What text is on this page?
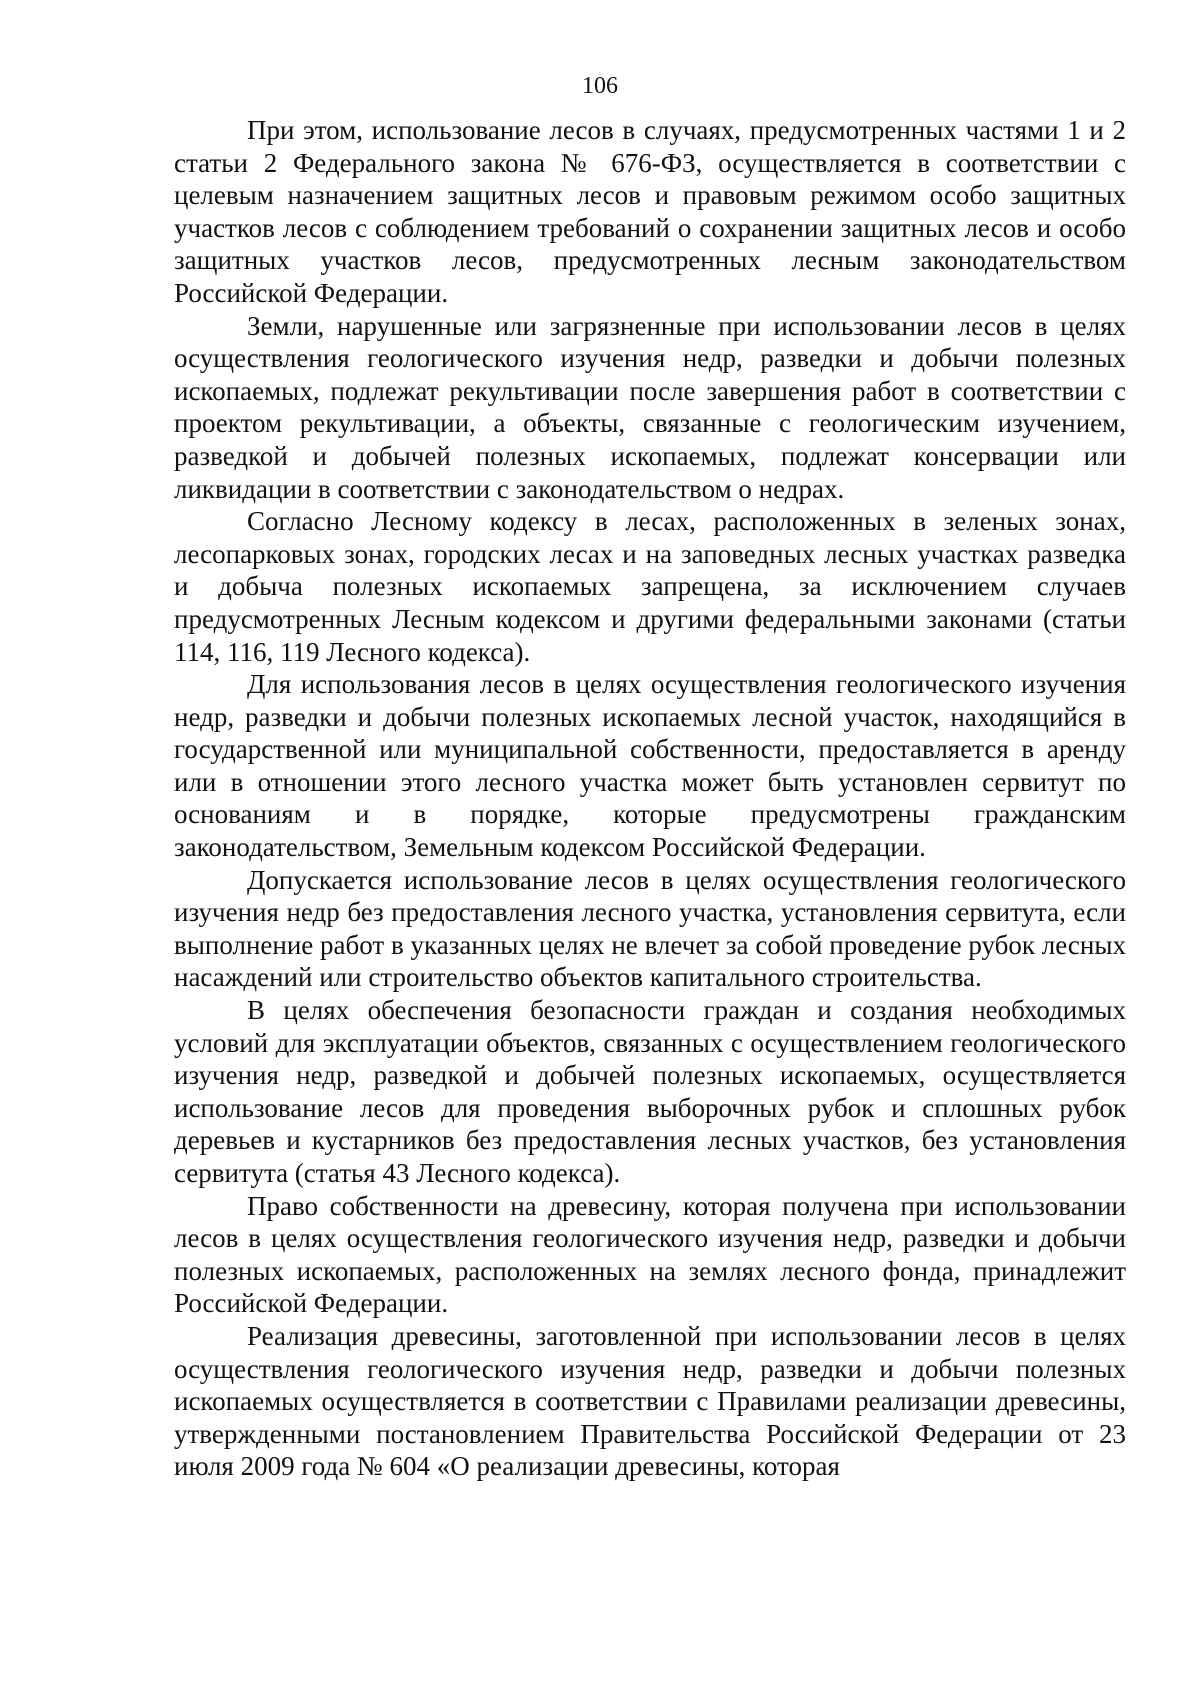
106

При этом, использование лесов в случаях, предусмотренных частями 1 и 2 статьи 2 Федерального закона № 676-ФЗ, осуществляется в соответствии с целевым назначением защитных лесов и правовым режимом особо защитных участков лесов с соблюдением требований о сохранении защитных лесов и особо защитных участков лесов, предусмотренных лесным законодательством Российской Федерации.

Земли, нарушенные или загрязненные при использовании лесов в целях осуществления геологического изучения недр, разведки и добычи полезных ископаемых, подлежат рекультивации после завершения работ в соответствии с проектом рекультивации, а объекты, связанные с геологическим изучением, разведкой и добычей полезных ископаемых, подлежат консервации или ликвидации в соответствии с законодательством о недрах.

Согласно Лесному кодексу в лесах, расположенных в зеленых зонах, лесопарковых зонах, городских лесах и на заповедных лесных участках разведка и добыча полезных ископаемых запрещена, за исключением случаев предусмотренных Лесным кодексом и другими федеральными законами (статьи 114, 116, 119 Лесного кодекса).

Для использования лесов в целях осуществления геологического изучения недр, разведки и добычи полезных ископаемых лесной участок, находящийся в государственной или муниципальной собственности, предоставляется в аренду или в отношении этого лесного участка может быть установлен сервитут по основаниям и в порядке, которые предусмотрены гражданским законодательством, Земельным кодексом Российской Федерации.

Допускается использование лесов в целях осуществления геологического изучения недр без предоставления лесного участка, установления сервитута, если выполнение работ в указанных целях не влечет за собой проведение рубок лесных насаждений или строительство объектов капитального строительства.

В целях обеспечения безопасности граждан и создания необходимых условий для эксплуатации объектов, связанных с осуществлением геологического изучения недр, разведкой и добычей полезных ископаемых, осуществляется использование лесов для проведения выборочных рубок и сплошных рубок деревьев и кустарников без предоставления лесных участков, без установления сервитута (статья 43 Лесного кодекса).

Право собственности на древесину, которая получена при использовании лесов в целях осуществления геологического изучения недр, разведки и добычи полезных ископаемых, расположенных на землях лесного фонда, принадлежит Российской Федерации.

Реализация древесины, заготовленной при использовании лесов в целях осуществления геологического изучения недр, разведки и добычи полезных ископаемых осуществляется в соответствии с Правилами реализации древесины, утвержденными постановлением Правительства Российской Федерации от 23 июля 2009 года № 604 «О реализации древесины, которая
